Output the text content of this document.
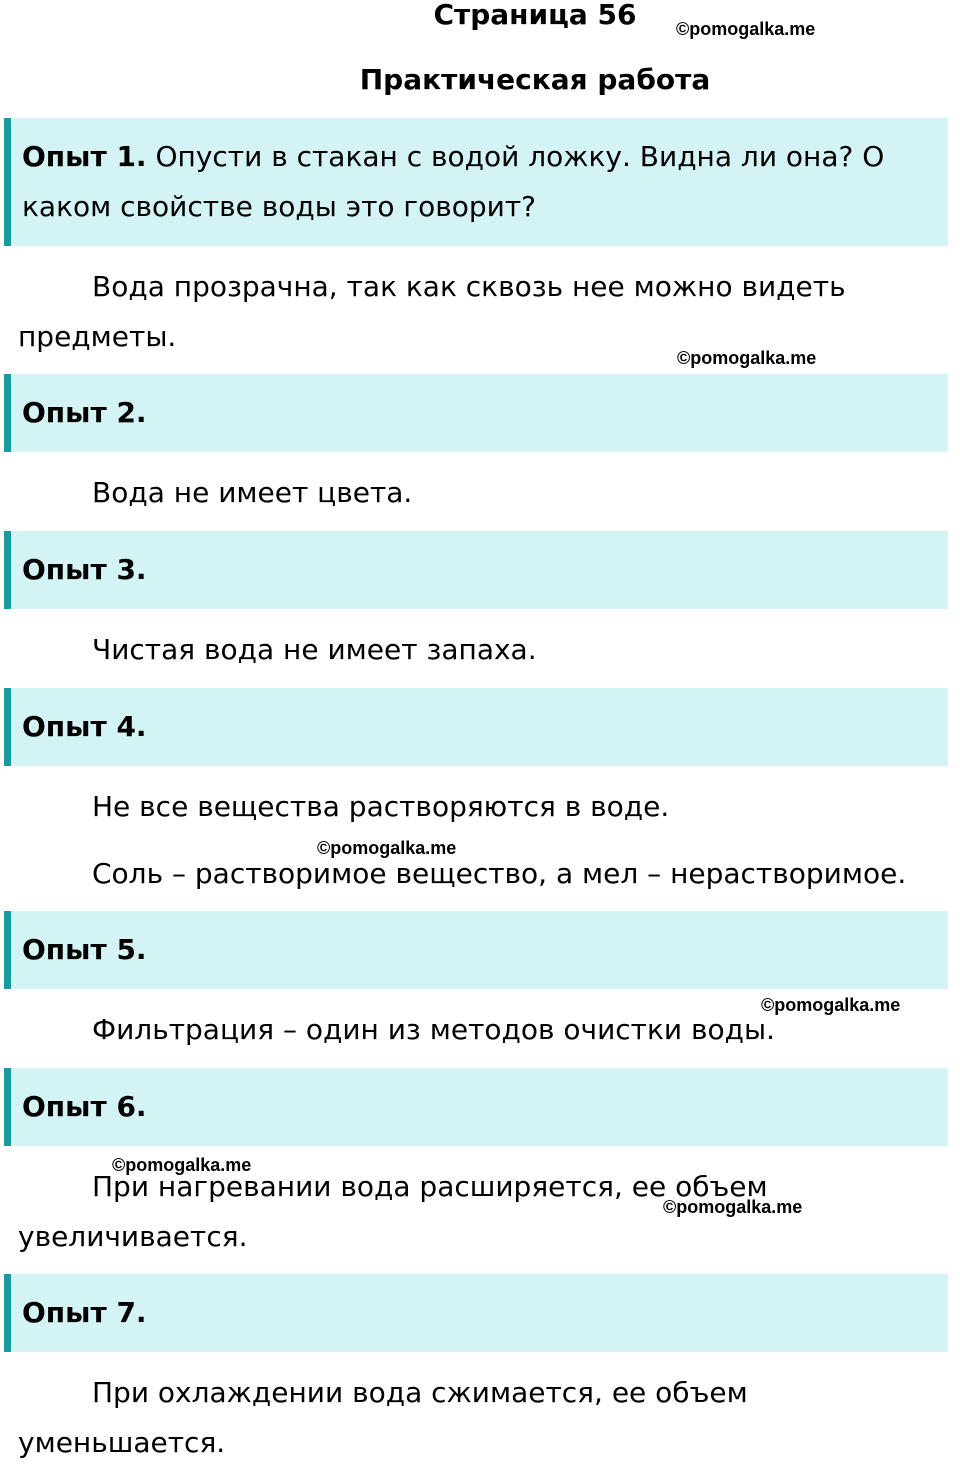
Страница 56
Практическая работа
Опыт 1. Опусти в стакан с водой ложку. Видна ли она? О каком свойстве воды это говорит?
Вода прозрачна, так как сквозь нее можно видеть предметы.
Опыт 2.
Вода не имеет цвета.
Опыт 3.
Чистая вода не имеет запаха.
Опыт 4.
Не все вещества растворяются в воде.
Соль – растворимое вещество, а мел – нерастворимое.
Опыт 5.
Фильтрация – один из методов очистки воды.
Опыт 6.
При нагревании вода расширяется, ее объем увеличивается.
Опыт 7.
При охлаждении вода сжимается, ее объем уменьшается.
©pomogalka.me
©pomogalka.me
©pomogalka.me
©pomogalka.me
©pomogalka.me
©pomogalka.me
